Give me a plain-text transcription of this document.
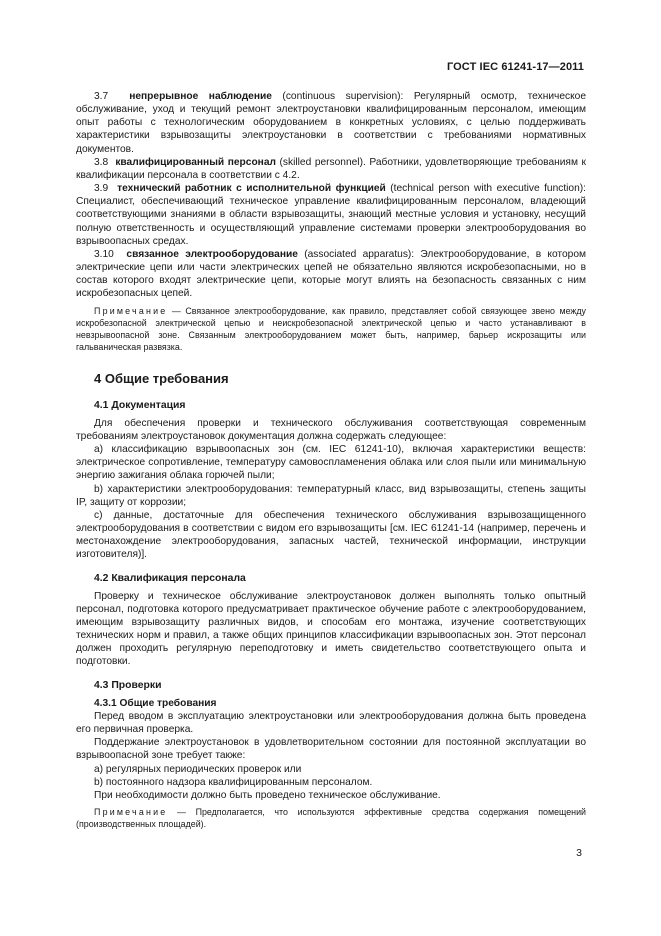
ГОСТ IEC 61241-17—2011

3.7 непрерывное наблюдение (continuous supervision): Регулярный осмотр, техническое обслуживание, уход и текущий ремонт электроустановки квалифицированным персоналом, имеющим опыт работы с технологическим оборудованием в конкретных условиях, с целью поддерживать характеристики взрывозащиты электроустановки в соответствии с требованиями нормативных документов.

3.8 квалифицированный персонал (skilled personnel). Работники, удовлетворяющие требованиям к квалификации персонала в соответствии с 4.2.

3.9 технический работник с исполнительной функцией (technical person with executive function): Специалист, обеспечивающий техническое управление квалифицированным персоналом, владеющий соответствующими знаниями в области взрывозащиты, знающий местные условия и установку, несущий полную ответственность и осуществляющий управление системами проверки электрооборудования во взрывоопасных средах.

3.10 связанное электрооборудование (associated apparatus): Электрооборудование, в котором электрические цепи или части электрических цепей не обязательно являются искробезопасными, но в состав которого входят электрические цепи, которые могут влиять на безопасность связанных с ним искробезопасных цепей.

Примечание — Связанное электрооборудование, как правило, представляет собой связующее звено между искробезопасной электрической цепью и неискробезопасной электрической цепью и часто устанавливают в невзрывоопасной зоне. Связанным электрооборудованием может быть, например, барьер искрозащиты или гальваническая развязка.

4 Общие требования
4.1 Документация

Для обеспечения проверки и технического обслуживания соответствующая современным требованиям электроустановок документация должна содержать следующее:

а) классификацию взрывоопасных зон (см. IEC 61241-10), включая характеристики веществ: электрическое сопротивление, температуру самовоспламенения облака или слоя пыли или минимальную энергию зажигания облака горючей пыли;

b) характеристики электрооборудования: температурный класс, вид взрывозащиты, степень защиты IP, защиту от коррозии;

с) данные, достаточные для обеспечения технического обслуживания взрывозащищенного электрооборудования в соответствии с видом его взрывозащиты [см. IEC 61241-14 (например, перечень и местонахождение электрооборудования, запасных частей, технической информации, инструкции изготовителя)].

4.2 Квалификация персонала

Проверку и техническое обслуживание электроустановок должен выполнять только опытный персонал, подготовка которого предусматривает практическое обучение работе с электрооборудованием, имеющим взрывозащиту различных видов, и способам его монтажа, изучение соответствующих технических норм и правил, а также общих принципов классификации взрывоопасных зон. Этот персонал должен проходить регулярную переподготовку и иметь свидетельство соответствующего опыта и подготовки.

4.3 Проверки
4.3.1 Общие требования

Перед вводом в эксплуатацию электроустановки или электрооборудования должна быть проведена его первичная проверка.

Поддержание электроустановок в удовлетворительном состоянии для постоянной эксплуатации во взрывоопасной зоне требует также:

а) регулярных периодических проверок или

b) постоянного надзора квалифицированным персоналом.

При необходимости должно быть проведено техническое обслуживание.

Примечание — Предполагается, что используются эффективные средства содержания помещений (производственных площадей).

3
